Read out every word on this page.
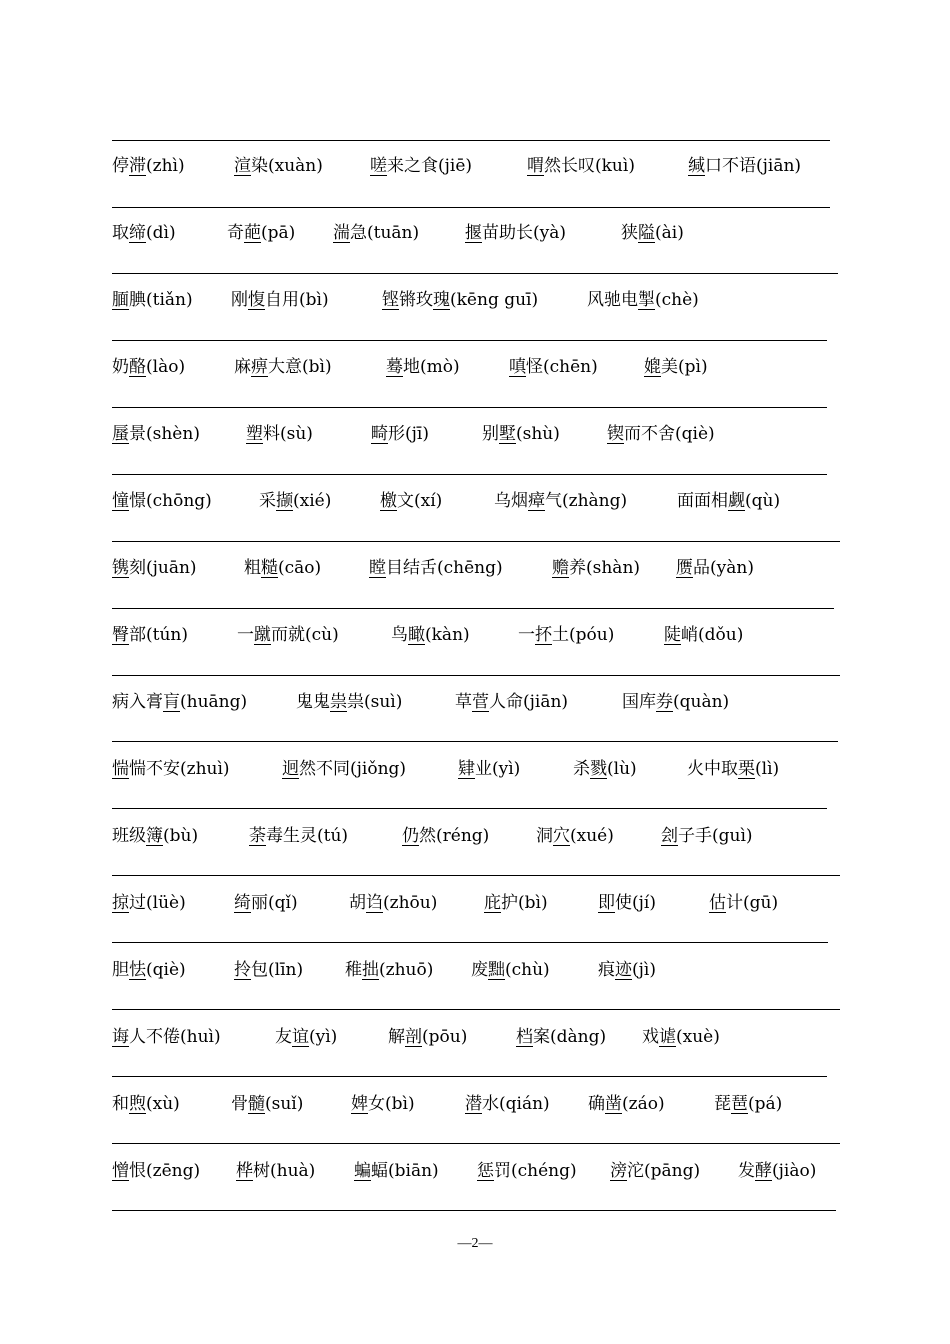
停滞(zhì)	渲染(xuàn)	嗟来之食(jiē)	喟然长叹(kuì)	缄口不语(jiān)
取缔(dì)	奇葩(pā) 湍急(tuān)	揠苗助长(yà)	狭隘(ài)
腼腆(tiǎn) 刚愎自用(bì)	铿锵玫瑰(kēng guī)	风驰电掣(chè)
奶酪(lào)	麻痹大意(bì)	蓦地(mò)	嗔怪(chēn)	媲美(pì)
蜃景(shèn)	塑料(sù)	畸形(jī)	别墅(shù)	锲而不舍(qiè)
憧憬(chōng)	采撷(xié)	檄文(xí)	乌烟瘴气(zhàng)	面面相觑(qù)
镌刻(juān)	粗糙(cāo)	瞠目结舌(chēng)	赡养(shàn) 赝品(yàn)
臀部(tún)	一蹴而就(cù)	鸟瞰(kàn)	一抔土(póu)	陡峭(dǒu)
病入膏肓(huāng)	鬼鬼祟祟(suì)	草菅人命(jiān)	国库券(quàn)
惴惴不安(zhuì)	迥然不同(jiǒng)	肄业(yì)	杀戮(lù)	火中取栗(lì)
班级簿(bù)	荼毒生灵(tú)	仍然(réng)	洞穴(xué)	刽子手(guì)
掠过(lüè)	绮丽(qǐ)	胡诌(zhōu)	庇护(bì)	即使(jí)	估计(gū)
胆怯(qiè)	拎包(līn) 稚拙(zhuō) 废黜(chù)	痕迹(jì)
诲人不倦(huì)	友谊(yì)	解剖(pōu)	档案(dàng) 戏谑(xuè)
和煦(xù)	骨髓(suǐ)	婢女(bì)	潜水(qián) 确凿(záo)	琵琶(pá)
憎恨(zēng) 桦树(huà) 蝙蝠(biān) 惩罚(chéng) 滂沱(pāng) 发酵(jiào)
—2—
